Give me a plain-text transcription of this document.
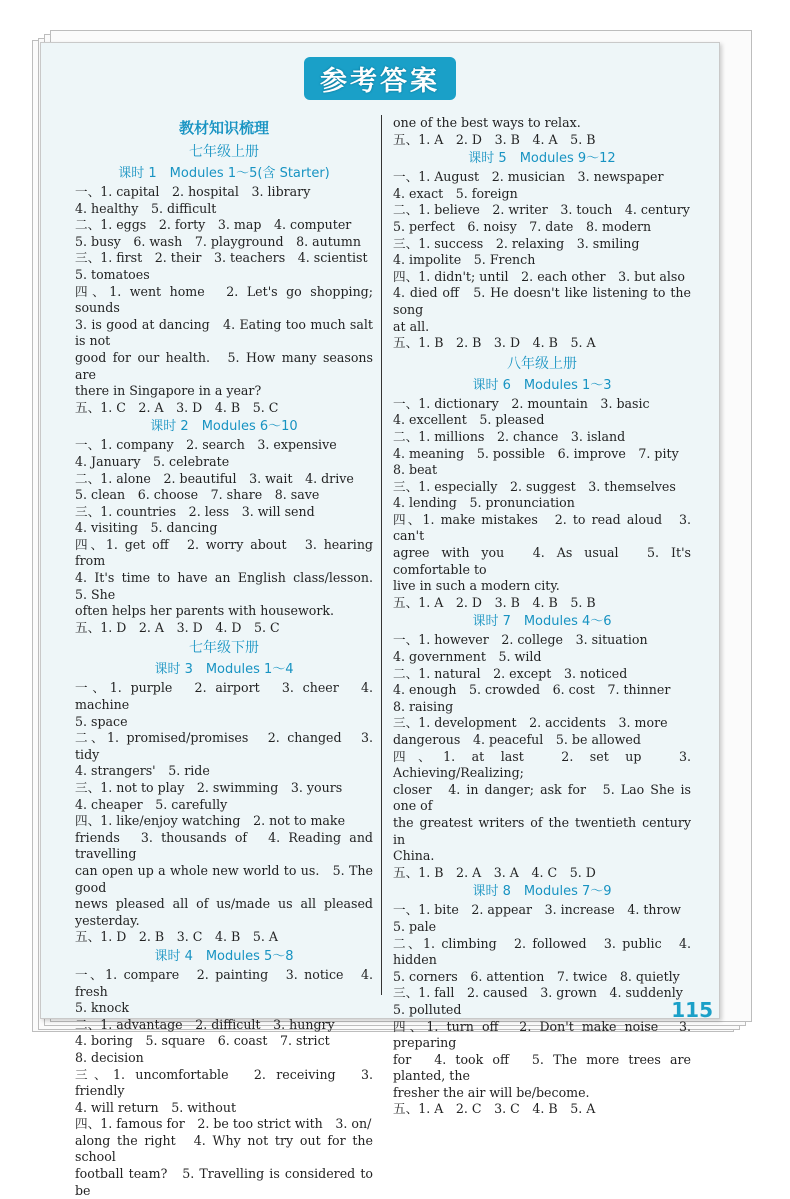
参考答案
教材知识梳理
七年级上册
课时 1　Modules 1～5(含 Starter)
一、1. capital　2. hospital　3. library
4. healthy　5. difficult
二、1. eggs　2. forty　3. map　4. computer
5. busy　6. wash　7. playground　8. autumn
三、1. first　2. their　3. teachers　4. scientist
5. tomatoes
四、1. went home　2. Let's go shopping; sounds
3. is good at dancing　4. Eating too much salt is not
good for our health.　5. How many seasons are
there in Singapore in a year?
五、1. C　2. A　3. D　4. B　5. C
课时 2　Modules 6～10
一、1. company　2. search　3. expensive
4. January　5. celebrate
二、1. alone　2. beautiful　3. wait　4. drive
5. clean　6. choose　7. share　8. save
三、1. countries　2. less　3. will send
4. visiting　5. dancing
四、1. get off　2. worry about　3. hearing from
4. It's time to have an English class/lesson.　5. She
often helps her parents with housework.
五、1. D　2. A　3. D　4. D　5. C
七年级下册
课时 3　Modules 1～4
一、1. purple　2. airport　3. cheer　4. machine
5. space
二、1. promised/promises　2. changed　3. tidy
4. strangers'　5. ride
三、1. not to play　2. swimming　3. yours
4. cheaper　5. carefully
四、1. like/enjoy watching　2. not to make
friends　3. thousands of　4. Reading and travelling
can open up a whole new world to us.　5. The good
news pleased all of us/made us all pleased yesterday.
五、1. D　2. B　3. C　4. B　5. A
课时 4　Modules 5～8
一、1. compare　2. painting　3. notice　4. fresh
5. knock
二、1. advantage　2. difficult　3. hungry
4. boring　5. square　6. coast　7. strict
8. decision
三、1. uncomfortable　2. receiving　3. friendly
4. will return　5. without
四、1. famous for　2. be too strict with　3. on/
along the right　4. Why not try out for the school
football team?　5. Travelling is considered to be
one of the best ways to relax.
五、1. A　2. D　3. B　4. A　5. B
课时 5　Modules 9～12
一、1. August　2. musician　3. newspaper
4. exact　5. foreign
二、1. believe　2. writer　3. touch　4. century
5. perfect　6. noisy　7. date　8. modern
三、1. success　2. relaxing　3. smiling
4. impolite　5. French
四、1. didn't; until　2. each other　3. but also
4. died off　5. He doesn't like listening to the song
at all.
五、1. B　2. B　3. D　4. B　5. A
八年级上册
课时 6　Modules 1～3
一、1. dictionary　2. mountain　3. basic
4. excellent　5. pleased
二、1. millions　2. chance　3. island
4. meaning　5. possible　6. improve　7. pity
8. beat
三、1. especially　2. suggest　3. themselves
4. lending　5. pronunciation
四、1. make mistakes　2. to read aloud　3. can't
agree with you　4. As usual　5. It's comfortable to
live in such a modern city.
五、1. A　2. D　3. B　4. B　5. B
课时 7　Modules 4～6
一、1. however　2. college　3. situation
4. government　5. wild
二、1. natural　2. except　3. noticed
4. enough　5. crowded　6. cost　7. thinner
8. raising
三、1. development　2. accidents　3. more
dangerous　4. peaceful　5. be allowed
四、1. at last　2. set up　3. Achieving/Realizing;
closer　4. in danger; ask for　5. Lao She is one of
the greatest writers of the twentieth century in
China.
五、1. B　2. A　3. A　4. C　5. D
课时 8　Modules 7～9
一、1. bite　2. appear　3. increase　4. throw
5. pale
二、1. climbing　2. followed　3. public　4. hidden
5. corners　6. attention　7. twice　8. quietly
三、1. fall　2. caused　3. grown　4. suddenly
5. polluted
四、1. turn off　2. Don't make noise　3. preparing
for　4. took off　5. The more trees are planted, the
fresher the air will be/become.
五、1. A　2. C　3. C　4. B　5. A
115
